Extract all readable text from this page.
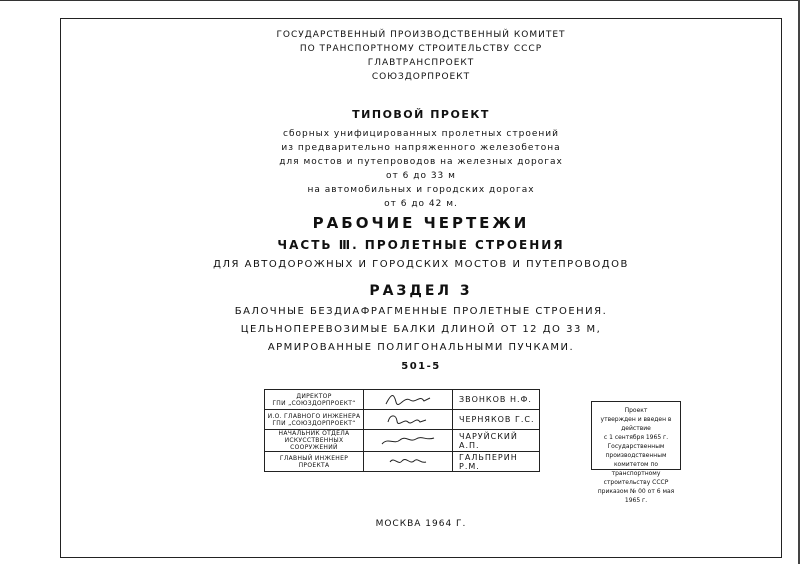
ГОСУДАРСТВЕННЫЙ ПРОИЗВОДСТВЕННЫЙ КОМИТЕТ
ПО ТРАНСПОРТНОМУ СТРОИТЕЛЬСТВУ СССР
ГЛАВТРАНСПРОЕКТ
СОЮЗДОРПРОЕКТ
ТИПОВОЙ ПРОЕКТ
сборных унифицированных пролетных строений
из предварительно напряженного железобетона
для мостов и путепроводов на железных дорогах
от 6 до 33 м
на автомобильных и городских дорогах
от 6 до 42 м.
РАБОЧИЕ ЧЕРТЕЖИ
ЧАСТЬ Ⅲ. ПРОЛЕТНЫЕ СТРОЕНИЯ
ДЛЯ АВТОДОРОЖНЫХ И ГОРОДСКИХ МОСТОВ И ПУТЕПРОВОДОВ
РАЗДЕЛ 3
БАЛОЧНЫЕ БЕЗДИАФРАГМЕННЫЕ ПРОЛЕТНЫЕ СТРОЕНИЯ.
ЦЕЛЬНОПЕРЕВОЗИМЫЕ БАЛКИ ДЛИНОЙ ОТ 12 ДО 33 М,
АРМИРОВАННЫЕ ПОЛИГОНАЛЬНЫМИ ПУЧКАМИ.
501-5
ДИРЕКТОР
ГПИ „СОЮЗДОРПРОЕКТ“		ЗВОНКОВ Н.Ф.

И.О. ГЛАВНОГО ИНЖЕНЕРА
ГПИ „СОЮЗДОРПРОЕКТ“		ЧЕРНЯКОВ Г.С.

НАЧАЛЬНИК ОТДЕЛА
ИСКУССТВЕННЫХ СООРУЖЕНИЙ		ЧАРУЙСКИЙ А.П.

ГЛАВНЫЙ ИНЖЕНЕР
ПРОЕКТА		ГАЛЬПЕРИН Р.М.
Проект
утвержден и введен в действие
с 1 сентября 1965 г.
Государственным производственным
комитетом по транспортному
строительству СССР
приказом № 00 от 6 мая 1965 г.
МОСКВА 1964 Г.
